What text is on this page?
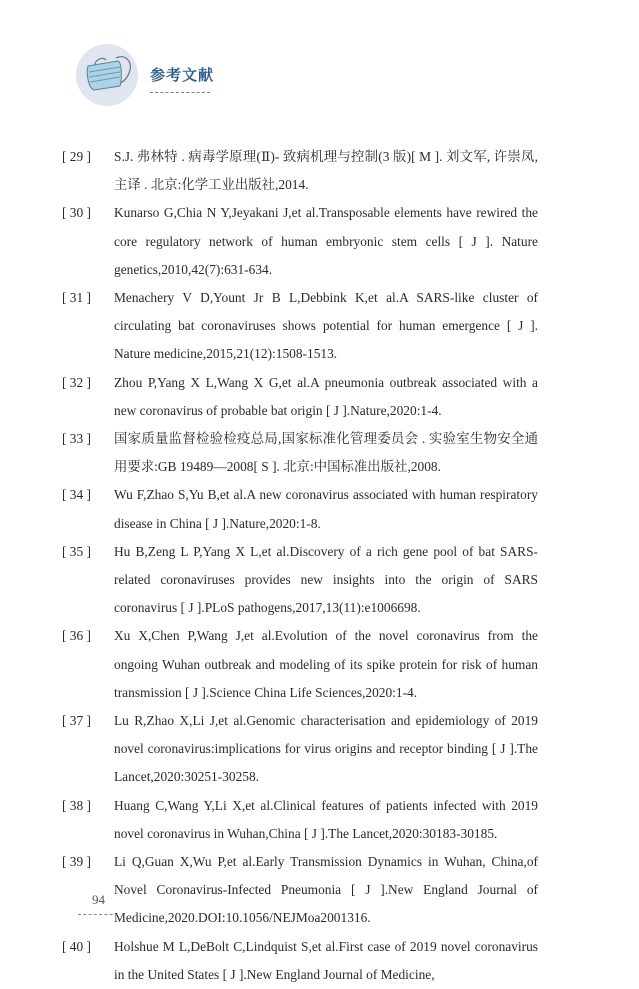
参考文献
[ 29 ] S.J. 弗林特 . 病毒学原理(Ⅱ)- 致病机理与控制(3 版)[ M ]. 刘文军, 许崇凤,主译 . 北京:化学工业出版社,2014.
[ 30 ] Kunarso G,Chia N Y,Jeyakani J,et al.Transposable elements have rewired the core regulatory network of human embryonic stem cells [ J ]. Nature genetics,2010,42(7):631-634.
[ 31 ] Menachery V D,Yount Jr B L,Debbink K,et al.A SARS-like cluster of circulating bat coronaviruses shows potential for human emergence [ J ]. Nature medicine,2015,21(12):1508-1513.
[ 32 ] Zhou P,Yang X L,Wang X G,et al.A pneumonia outbreak associated with a new coronavirus of probable bat origin [ J ].Nature,2020:1-4.
[ 33 ] 国家质量监督检验检疫总局,国家标准化管理委员会 . 实验室生物安全通用要求:GB 19489—2008[ S ]. 北京:中国标准出版社,2008.
[ 34 ] Wu F,Zhao S,Yu B,et al.A new coronavirus associated with human respiratory disease in China [ J ].Nature,2020:1-8.
[ 35 ] Hu B,Zeng L P,Yang X L,et al.Discovery of a rich gene pool of bat SARS-related coronaviruses provides new insights into the origin of SARS coronavirus [ J ].PLoS pathogens,2017,13(11):e1006698.
[ 36 ] Xu X,Chen P,Wang J,et al.Evolution of the novel coronavirus from the ongoing Wuhan outbreak and modeling of its spike protein for risk of human transmission [ J ].Science China Life Sciences,2020:1-4.
[ 37 ] Lu R,Zhao X,Li J,et al.Genomic characterisation and epidemiology of 2019 novel coronavirus:implications for virus origins and receptor binding [ J ].The Lancet,2020:30251-30258.
[ 38 ] Huang C,Wang Y,Li X,et al.Clinical features of patients infected with 2019 novel coronavirus in Wuhan,China [ J ].The Lancet,2020:30183-30185.
[ 39 ] Li Q,Guan X,Wu P,et al.Early Transmission Dynamics in Wuhan, China,of Novel Coronavirus-Infected Pneumonia [ J ].New England Journal of Medicine,2020.DOI:10.1056/NEJMoa2001316.
[ 40 ] Holshue M L,DeBolt C,Lindquist S,et al.First case of 2019 novel coronavirus in the United States [ J ].New England Journal of Medicine,
94
